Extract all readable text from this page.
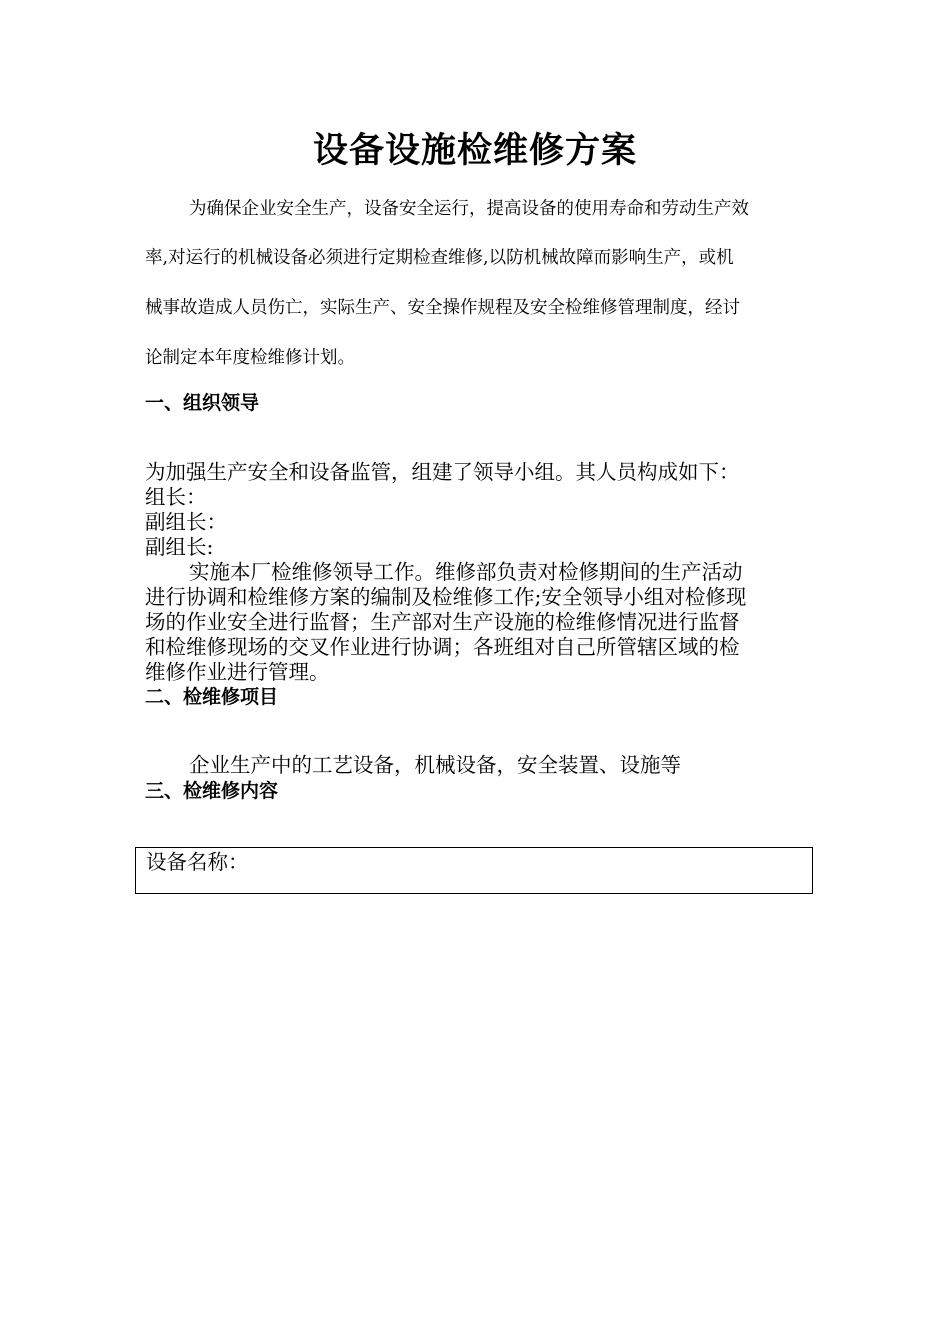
设备设施检维修方案
为确保企业安全生产，设备安全运行，提高设备的使用寿命和劳动生产效
率,对运行的机械设备必须进行定期检查维修,以防机械故障而影响生产，或机
械事故造成人员伤亡，实际生产、安全操作规程及安全检维修管理制度，经讨
论制定本年度检维修计划。
一、组织领导
为加强生产安全和设备监管，组建了领导小组。其人员构成如下：
组长：
副组长：
副组长:
实施本厂检维修领导工作。维修部负责对检修期间的生产活动
进行协调和检维修方案的编制及检维修工作;安全领导小组对检修现
场的作业安全进行监督；生产部对生产设施的检维修情况进行监督
和检维修现场的交叉作业进行协调；各班组对自己所管辖区域的检
维修作业进行管理。
二、检维修项目
企业生产中的工艺设备，机械设备，安全装置、设施等
三、检维修内容
设备名称：
